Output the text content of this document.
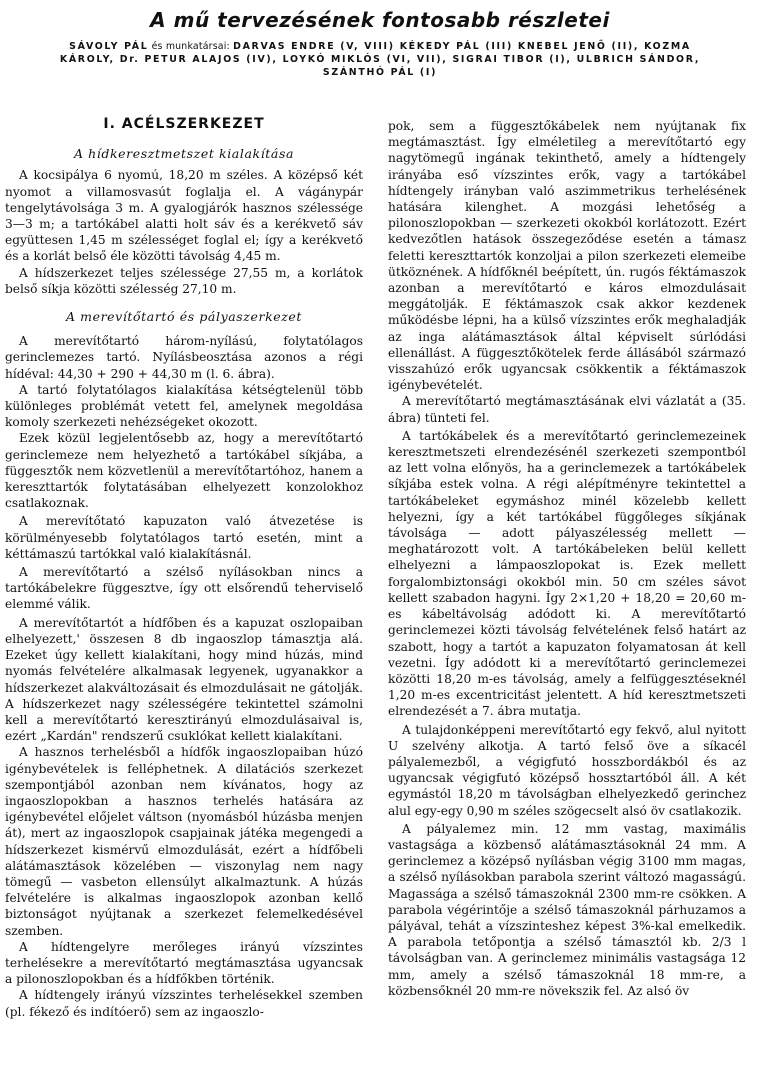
A mű tervezésének fontosabb részletei
SÁVOLY PÁL és munkatársai: DARVAS ENDRE (V, VIII) KÉKEDY PÁL (III) KNEBEL JENŐ (II), KOZMA
KÁROLY, Dr. PETUR ALAJOS (IV), LOYKÓ MIKLÓS (VI, VII), SIGRAI TIBOR (I), ULBRICH SÁNDOR,
SZÁNTHÓ PÁL (I)
I. ACÉLSZERKEZET
A hídkeresztmetszet kialakítása

A kocsipálya 6 nyomú, 18,20 m széles. A középső két nyomot a villamosvasút foglalja el. A vágánypár tengelytávolsága 3 m. A gyalogjárók hasznos szélessége 3—3 m; a tartókábel alatti holt sáv és a kerékvető sáv együttesen 1,45 m szélességet foglal el; így a kerékvető és a korlát belső éle közötti távolság 4,45 m.

A hídszerkezet teljes szélessége 27,55 m, a korlátok belső síkja közötti szélesség 27,10 m.

A merevítőtartó és pályaszerkezet

A merevítőtartó három-nyílású, folytatólagos gerinclemezes tartó. Nyílásbeosztása azonos a régi hídéval: 44,30 + 290 + 44,30 m (l. 6. ábra).

A tartó folytatólagos kialakítása kétségtelenül több különleges problémát vetett fel, amelynek megoldása komoly szerkezeti nehézségeket okozott.

Ezek közül legjelentősebb az, hogy a merevítőtartó gerinclemeze nem helyezhető a tartókábel síkjába, a függesztők nem közvetlenül a merevítőtartóhoz, hanem a kereszttartók folytatásában elhelyezett konzolokhoz csatlakoznak.

A merevítőtató kapuzaton való átvezetése is körülményesebb folytatólagos tartó esetén, mint a kéttámaszú tartókkal való kialakításnál.

A merevítőtartó a szélső nyílásokban nincs a tartókábelekre függesztve, így ott elsőrendű teherviselő elemmé válik.

A merevítőtartót a hídfőben és a kapuzat oszlopaiban elhelyezett,' összesen 8 db ingaoszlop támasztja alá. Ezeket úgy kellett kialakítani, hogy mind húzás, mind nyomás felvételére alkalmasak legyenek, ugyanakkor a hídszerkezet alakváltozásait és elmozdulásait ne gátolják. A hídszerkezet nagy szélességére tekintettel számolni kell a merevítőtartó keresztirányú elmozdulásaival is, ezért „Kardán" rendszerű csuklókat kellett kialakítani.

A hasznos terhelésből a hídfők ingaoszlopaiban húzó igénybevételek is felléphetnek. A dilatációs szerkezet szempontjából azonban nem kívánatos, hogy az ingaoszlopokban a hasznos terhelés hatására az igénybevétel előjelet váltson (nyomásból húzásba menjen át), mert az ingaoszlopok csapjainak játéka megengedi a hídszerkezet kismérvű elmozdulását, ezért a hídfőbeli alátámasztások közelében — viszonylag nem nagy tömegű — vasbeton ellensúlyt alkalmaztunk. A húzás felvételére is alkalmas ingaoszlopok azonban kellő biztonságot nyújtanak a szerkezet felemelkedésével szemben.

A hídtengelyre merőleges irányú vízszintes terhelésekre a merevítőtartó megtámasztása ugyancsak a pilonoszlopokban és a hídfőkben történik.

A hídtengely irányú vízszintes terhelésekkel szemben (pl. fékező és indítóerő) sem az ingaoszlo-

pok, sem a függesztőkábelek nem nyújtanak fix megtámasztást. Így elméletileg a merevítőtartó egy nagytömegű ingának tekinthető, amely a hídtengely irányába eső vízszintes erők, vagy a tartókábel hídtengely irányban való aszimmetrikus terhelésének hatására kilenghet. A mozgási lehetőség a pilonoszlopokban — szerkezeti okokból korlátozott. Ezért kedvezőtlen hatások összegeződése esetén a támasz feletti kereszttartók konzoljai a pilon szerkezeti elemeibe ütköznének. A hídfőknél beépített, ún. rugós féktámaszok azonban a merevítőtartó e káros elmozdulásait meggátolják. E féktámaszok csak akkor kezdenek működésbe lépni, ha a külső vízszintes erők meghaladják az inga alátámasztások által képviselt súrlódási ellenállást. A függesztőkötelek ferde állásából származó visszahúzó erők ugyancsak csökkentik a féktámaszok igénybevételét.

A merevítőtartó megtámasztásának elvi vázlatát a (35. ábra) tünteti fel.

A tartókábelek és a merevítőtartó gerinclemezeinek keresztmetszeti elrendezésénél szerkezeti szempontból az lett volna előnyös, ha a gerinclemezek a tartókábelek síkjába estek volna. A régi alépítményre tekintettel a tartókábeleket egymáshoz minél közelebb kellett helyezni, így a két tartókábel függőleges síkjának távolsága — adott pályaszélesség mellett — meghatározott volt. A tartókábeleken belül kellett elhelyezni a lámpaoszlopokat is. Ezek mellett forgalombiztonsági okokból min. 50 cm széles sávot kellett szabadon hagyni. Így 2×1,20 + 18,20 = 20,60 m-es kábeltávolság adódott ki. A merevítőtartó gerinclemezei közti távolság felvételének felső határt az szabott, hogy a tartót a kapuzaton folyamatosan át kell vezetni. Így adódott ki a merevítőtartó gerinclemezei közötti 18,20 m-es távolság, amely a felfüggesztéseknél 1,20 m-es excentricitást jelentett. A híd keresztmetszeti elrendezését a 7. ábra mutatja.

A tulajdonképpeni merevítőtartó egy fekvő, alul nyitott U szelvény alkotja. A tartó felső öve a síkacél pályalemezből, a végigfutó hosszbordákból és az ugyancsak végigfutó középső hossztartóból áll. A két egymástól 18,20 m távolságban elhelyezkedő gerinchez alul egy-egy 0,90 m széles szögecselt alsó öv csatlakozik.

A pályalemez min. 12 mm vastag, maximális vastagsága a közbenső alátámasztásoknál 24 mm. A gerinclemez a középső nyílásban végig 3100 mm magas, a szélső nyílásokban parabola szerint változó magasságú. Magassága a szélső támaszoknál 2300 mm-re csökken. A parabola végérintője a szélső támaszoknál párhuzamos a pályával, tehát a vízszinteshez képest 3%-kal emelkedik. A parabola tetőpontja a szélső támasztól kb. 2/3 l távolságban van. A gerinclemez minimális vastagsága 12 mm, amely a szélső támaszoknál 18 mm-re, a közbensőknél 20 mm-re növekszik fel. Az alsó öv
